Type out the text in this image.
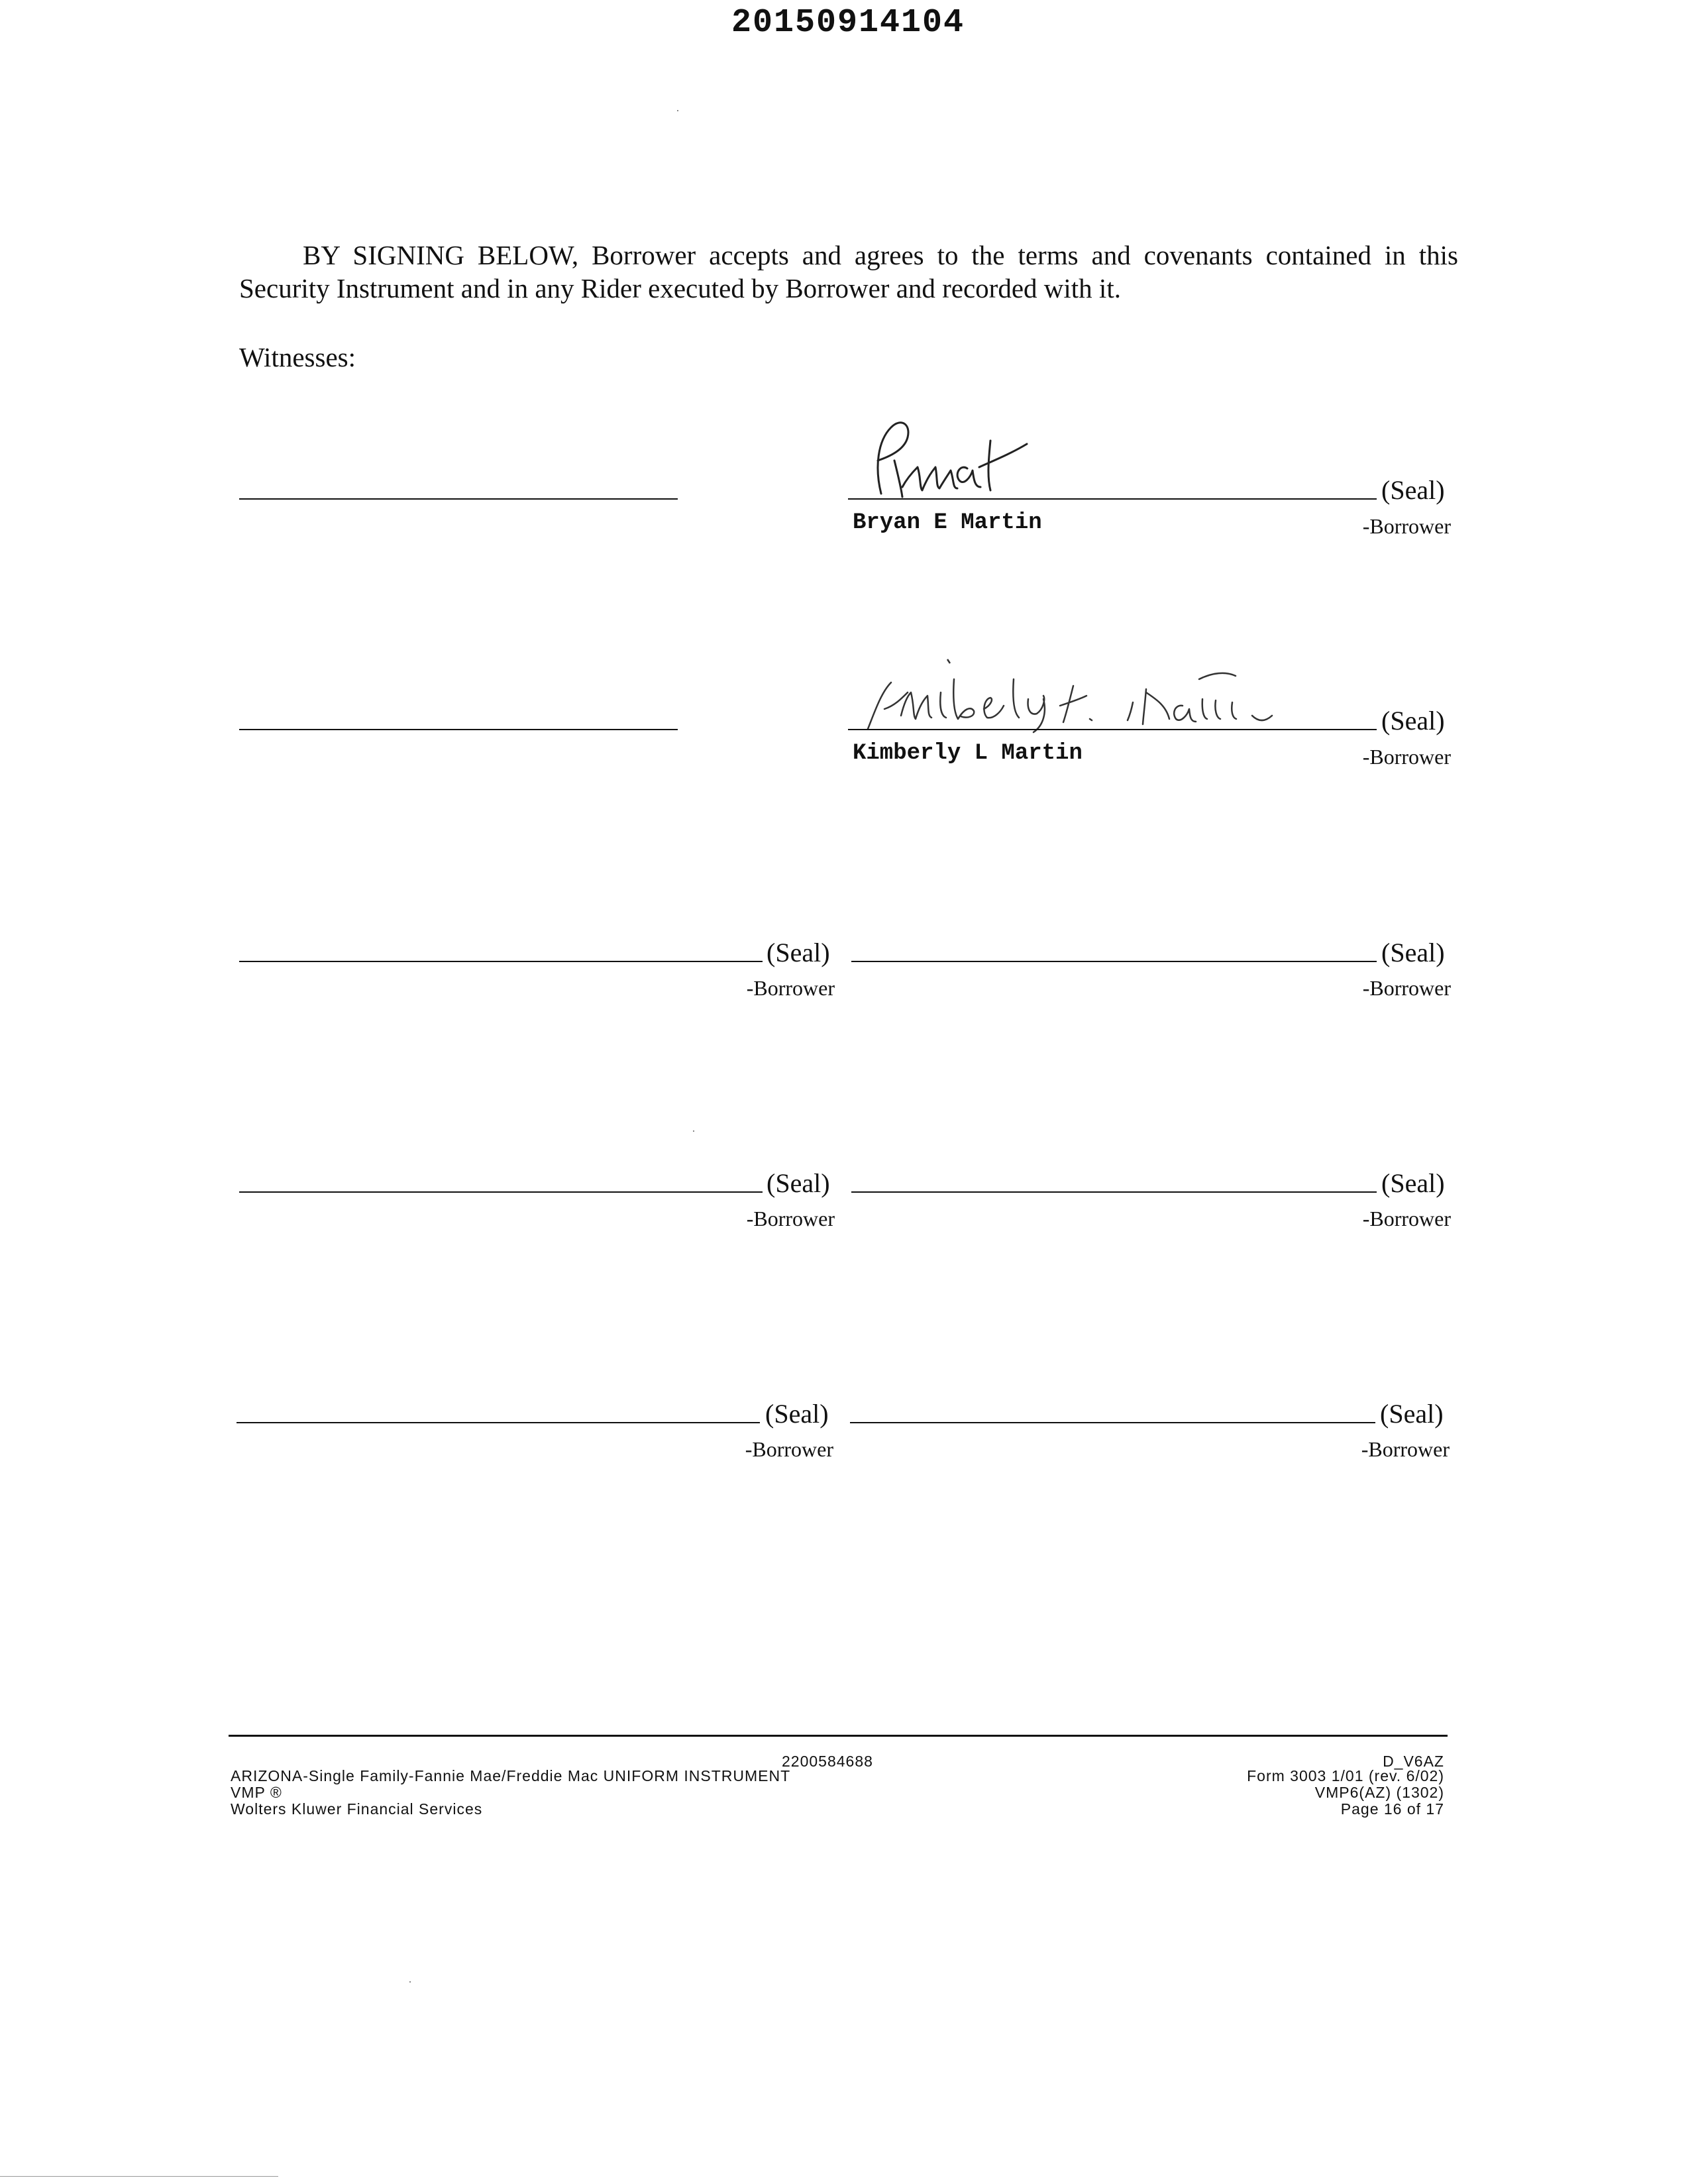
20150914104
BY SIGNING BELOW, Borrower accepts and agrees to the terms and covenants contained in this Security Instrument and in any Rider executed by Borrower and recorded with it.
Witnesses:
(Seal)
Bryan E Martin	-Borrower
(Seal)
Kimberly L Martin	-Borrower
(Seal)
-Borrower
(Seal)
-Borrower
(Seal)
-Borrower
(Seal)
-Borrower
(Seal)
-Borrower
(Seal)
-Borrower
2200584688
ARIZONA-Single Family-Fannie Mae/Freddie Mac UNIFORM INSTRUMENT
VMP ®
Wolters Kluwer Financial Services
D_V6AZ
Form 3003 1/01 (rev. 6/02)
VMP6(AZ) (1302)
Page 16 of 17
